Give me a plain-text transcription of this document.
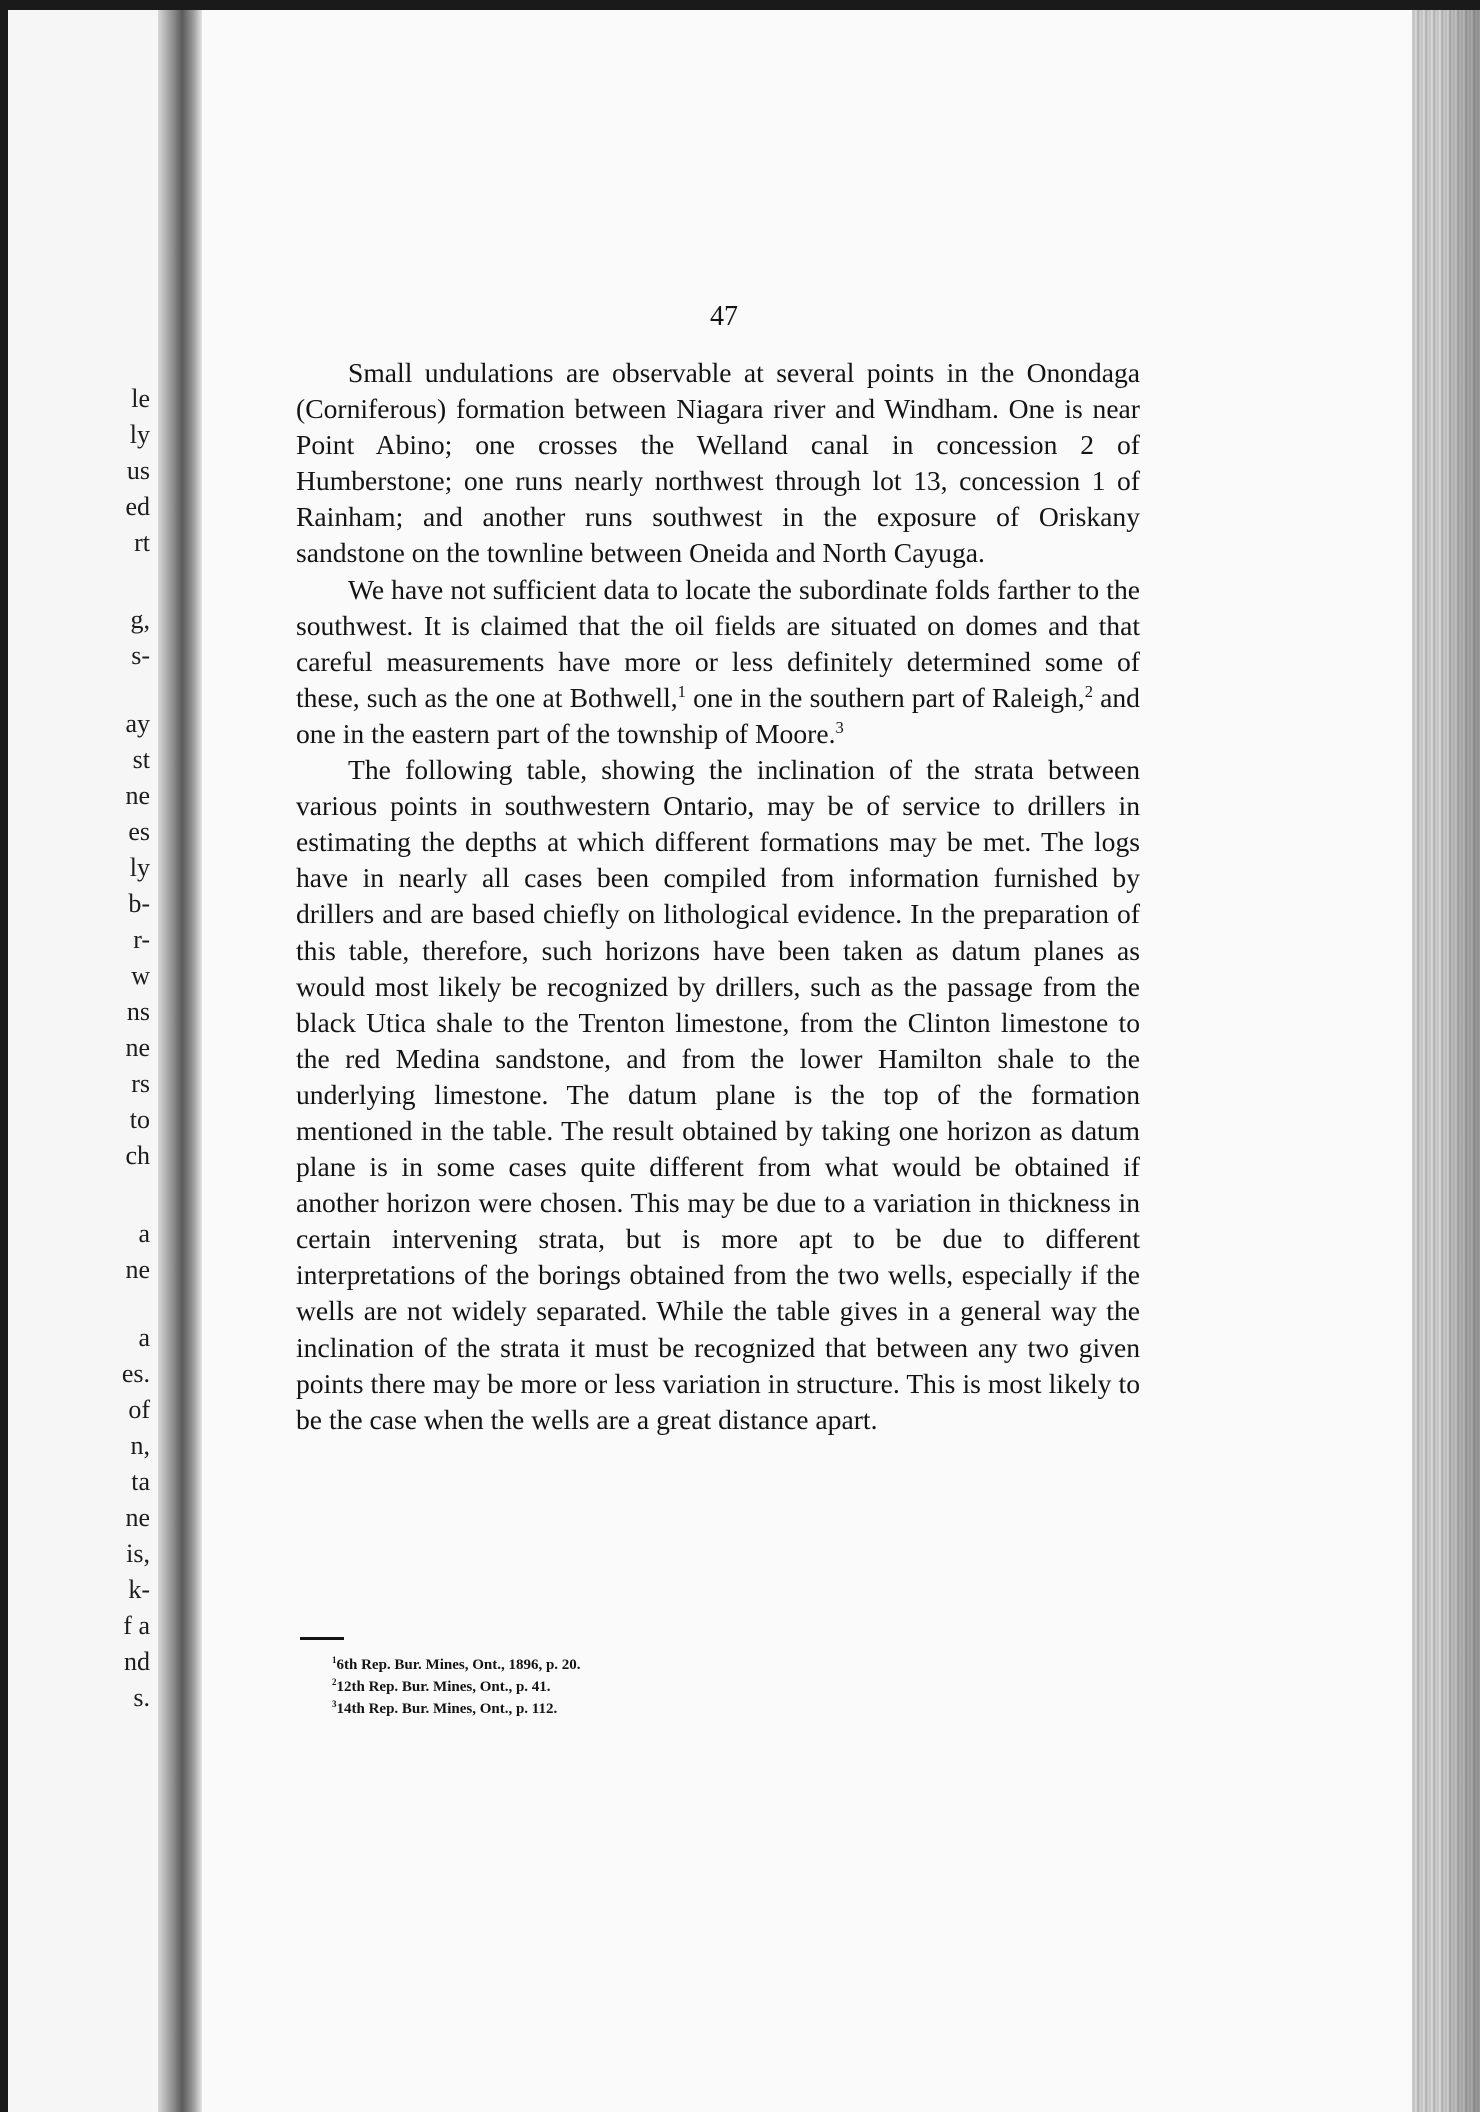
le
ly
us
ed
rt
g,
s-
ay
st
ne
es
ly
b-
r-
w
ns
ne
rs
to
ch
a
ne
a
es.
of
n,
ta
ne
is,
k-
f a
nd
s.
47

Small undulations are observable at several points in the Onondaga (Corniferous) formation between Niagara river and Windham. One is near Point Abino; one crosses the Welland canal in concession 2 of Humberstone; one runs nearly northwest through lot 13, concession 1 of Rainham; and another runs southwest in the exposure of Oriskany sandstone on the townline between Oneida and North Cayuga.

We have not sufficient data to locate the subordinate folds farther to the southwest. It is claimed that the oil fields are situated on domes and that careful measurements have more or less definitely determined some of these, such as the one at Bothwell,$^1$ one in the southern part of Raleigh,$^2$ and one in the eastern part of the township of Moore.$^3$

The following table, showing the inclination of the strata between various points in southwestern Ontario, may be of service to drillers in estimating the depths at which different formations may be met. The logs have in nearly all cases been compiled from information furnished by drillers and are based chiefly on lithological evidence. In the preparation of this table, therefore, such horizons have been taken as datum planes as would most likely be recognized by drillers, such as the passage from the black Utica shale to the Trenton limestone, from the Clinton limestone to the red Medina sandstone, and from the lower Hamilton shale to the underlying limestone. The datum plane is the top of the formation mentioned in the table. The result obtained by taking one horizon as datum plane is in some cases quite different from what would be obtained if another horizon were chosen. This may be due to a variation in thickness in certain intervening strata, but is more apt to be due to different interpretations of the borings obtained from the two wells, especially if the wells are not widely separated. While the table gives in a general way the inclination of the strata it must be recognized that between any two given points there may be more or less variation in structure. This is most likely to be the case when the wells are a great distance apart.

$^1$6th Rep. Bur. Mines, Ont., 1896, p. 20.

$^2$12th Rep. Bur. Mines, Ont., p. 41.

$^3$14th Rep. Bur. Mines, Ont., p. 112.
